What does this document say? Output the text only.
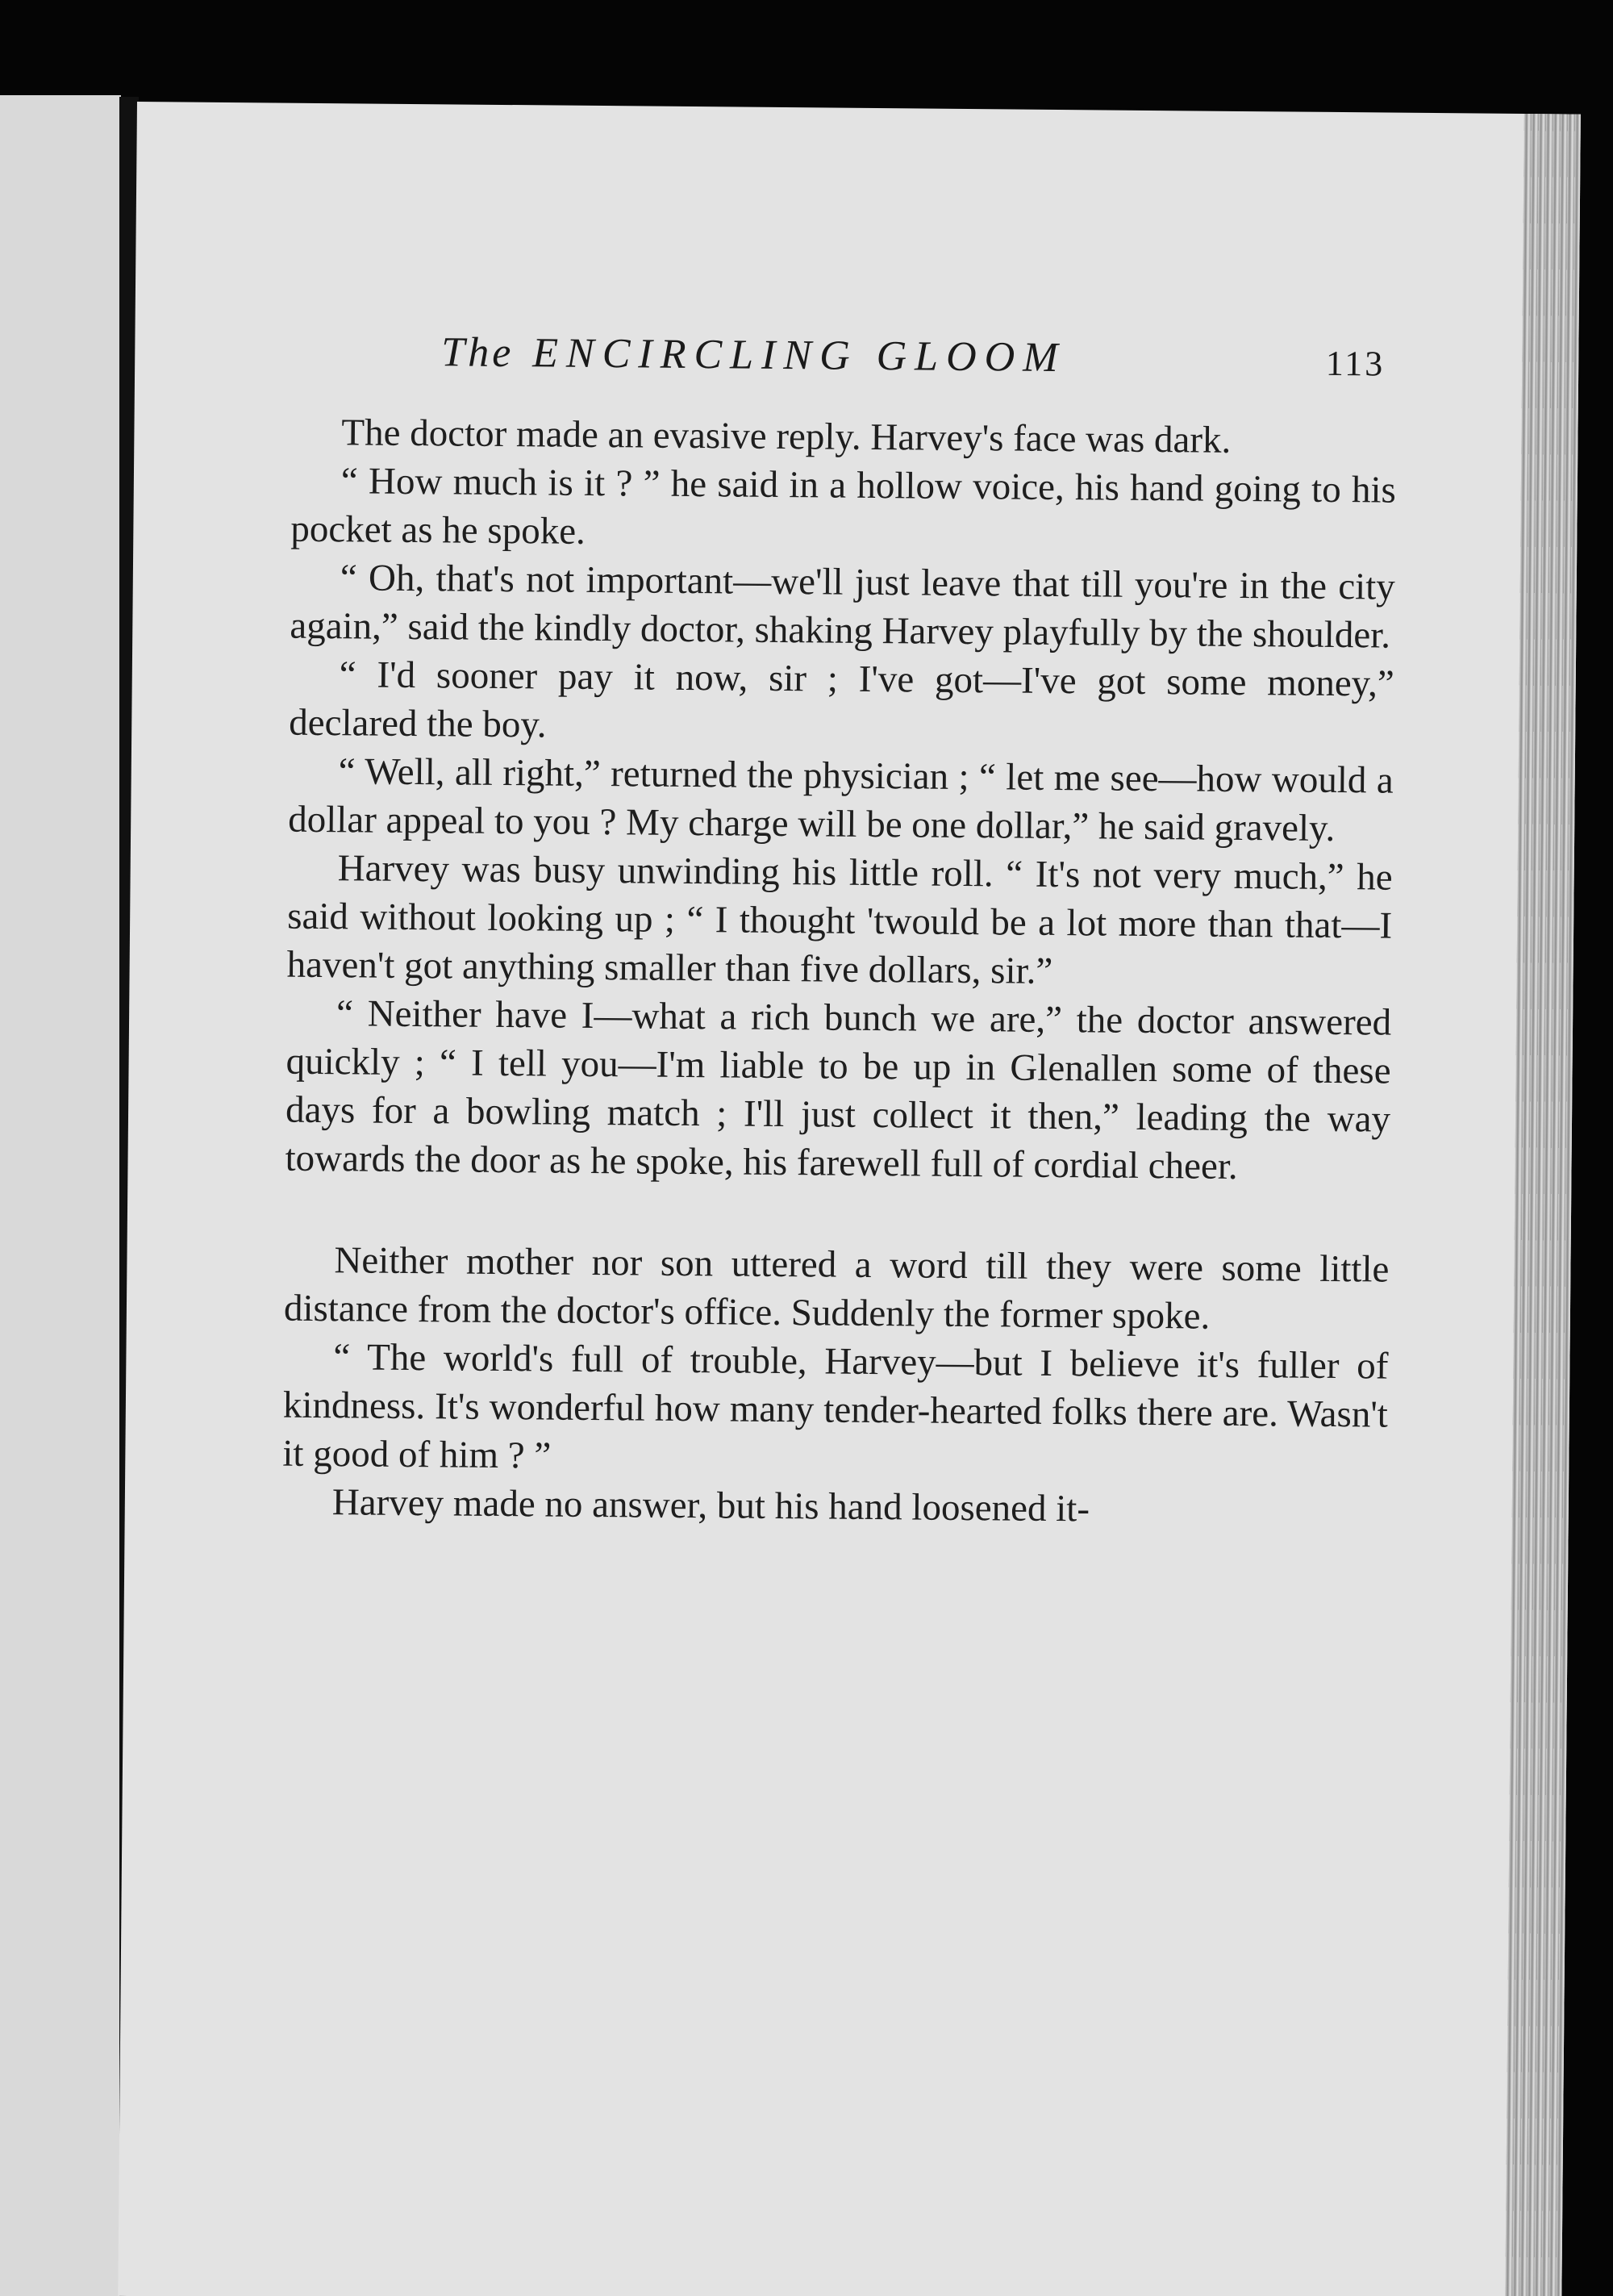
The ENCIRCLING GLOOM	113

The doctor made an evasive reply. Harvey's face was dark.

“ How much is it ? ” he said in a hollow voice, his hand going to his pocket as he spoke.

“ Oh, that's not important—we'll just leave that till you're in the city again,” said the kindly doctor, shaking Harvey playfully by the shoulder.

“ I'd sooner pay it now, sir ; I've got—I've got some money,” declared the boy.

“ Well, all right,” returned the physician ; “ let me see—how would a dollar appeal to you ? My charge will be one dollar,” he said gravely.

Harvey was busy unwinding his little roll. “ It's not very much,” he said without looking up ; “ I thought 'twould be a lot more than that—I haven't got anything smaller than five dollars, sir.”

“ Neither have I—what a rich bunch we are,” the doctor answered quickly ; “ I tell you—I'm liable to be up in Glenallen some of these days for a bowling match ; I'll just collect it then,” leading the way towards the door as he spoke, his farewell full of cordial cheer.

Neither mother nor son uttered a word till they were some little distance from the doctor's office. Suddenly the former spoke.

“ The world's full of trouble, Harvey—but I believe it's fuller of kindness. It's wonderful how many tender-hearted folks there are. Wasn't it good of him ? ”

Harvey made no answer, but his hand loosened it-
